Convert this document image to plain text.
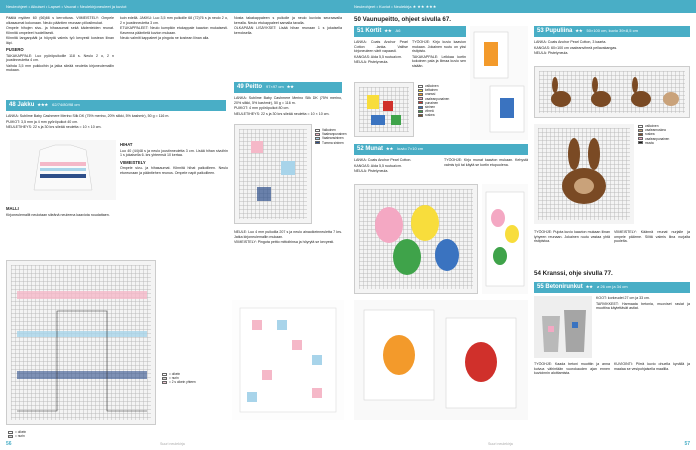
Neuleohjeet • Aikuiset • Lapset • Vauvat • Neulekirjoneuleet ja kuviot

Pääliä myöten 60 (66)66 s kerrottuna. VIIMEISTELY: Ompele olkasaumat kokonaan. Neulo pääntien reunaan piilosilmukat.

Ompele hihojen sivu- ja hihasaumat sekä kädenteiden reunat. Kiinnitä ompeleet huolellisesti.

Kiinnitä langanpäät ja höyrytä valmis työ kevyesti kostean liinan läpi.

PUSERO

TAKAKAPPALE: Luo pyöröpuikoille 118 s. Neulo 2 o, 2 n joustinneuletta 4 cm.

Vaihda 3,5 mm puikkoihin ja jatka sileää neuletta kirjoneulemallin mukaan.

48
Jakku ★★★ 62/74/80/98 cm

LANKA: Sublime Baby Cashmere Merino Silk DK (75% merino, 20% silkki, 5% kashmir), 50 g = 116 m.

PUIKOT: 3,5 mm ja 4 mm pyöröpuikot 40 cm.

NEULETIHEYS: 22 s ja 30 krs sileää neuletta = 10 × 10 cm.

MALLI

Kirjoneulemallit neulotaan sileänä neuleena kaaviota noudattaen.

= oikein
= nurin

kuin edellä. JAKKU: Luo 3,5 mm puikoille 68 (72)76 s ja neulo 2 o, 2 n joustinneuletta 3 cm.

ETUKAPPALEET: Neulo kumpikin etukappale kaavion mukaisesti. Kavenna pääntietä kuvion mukaan.

Neulo valmiit kappaleet ja pingota ne kostean liinan alla.

HIHAT

Luo 40 (44)48 s ja neulo joustinneuletta 3 cm. Lisää hihan sivuihin 1 s jokaisella 6. krs yhteensä 10 kertaa.

VIIMEISTELY

Ompele sivu- ja hihasaumat. Kiinnitä hihat paikoilleen. Neulo etureunaan ja pääntiehen reunus. Ompele napit paikoilleen.

= oikein
= nurin
= 2 s oikein yhteen

Nosta takakappaleen s puikolle ja neulo kuviota seuraavalla kerralla. Neulo etukappaleet samalla tavalla.

OLKAPÄÄN LISÄYKSET: Lisää hihan reunaan 1 s jokaisella kerroksella.

49
Peitto 97×97 cm ★★

LANKA: Sublime Baby Cashmere Merino Silk DK (75% merino, 20% silkki, 5% kashmir), 50 g = 116 m.

PUIKOT: 4 mm pyöröpuikot 80 cm.

NEULETIHEYS: 22 s ja 30 krs sileää neuletta = 10 × 10 cm.

Valkoinen
Vaaleanpunainen
Vaaleansininen
Tumma sininen

NEULE: Luo 4 mm puikoilla 207 s ja neulo ainaoikeinneuletta 7 krs. Jatka kirjoneulemallin mukaan.

VIIMEISTELY: Pingota peitto mittoihinsa ja höyrytä se kevyesti.

56	Suuri neulekirja
Neuleohjeet • Kuviot • Neulekirja ★ ★★ ★★★
50 Vaunupeitto, ohjeet sivulla 67.
51
Kortit ★★ A6

LANKA: Coats Anchor Pearl Cotton -lanka. Valitse kirjoneuleen värit vapaasti.

KANGAS: Aida 5,5 ruutua/cm.

NEULA: Pistelyneula.

TYÖOHJE: Kirjo kuvio kaavion mukaan. Jokainen ruutu on yksi ristipisto.

TAKAKAPPALE: Leikkaa kortin kokoinen pala ja liimaa kuvio sen sisään.

valkoinen
keltainen
oranssi
vaaleanpunainen
punainen
sininen
vihreä
ruskea
52
Munat ★★ kuvio 7×10 cm

LANKA: Coats Anchor Pearl Cotton.

KANGAS: Aida 5,5 ruutua/cm.

NEULA: Pistelyneula.

TYÖOHJE: Kirjo munat kaavion mukaan. Kehystä valmis työ tai käytä se kortin etupuolena.

53
Pupuliina ★★ 50×100 cm, kuvio 39×8,5 cm

LANKA: Coats Anchor Pearl Cotton, 3 kaarta.

KANGAS: 60×100 cm vaaleanvihreä pellavakangas.

NEULA: Pistelyneula.

valkoinen
vaaleanruskea
ruskea
vaaleanpunainen
musta

TYÖOHJE: Pujota kuvio kaavion mukaan liinan lyhyeen reunaan. Jokainen ruutu vastaa yhtä ristipistoa.

VIIMEISTELY: Käännä reunat nurjalle ja ompele päärme. Silitä valmis liina nurjalta puolelta.

54 Kranssi, ohje sivulla 77.
55
Betonirunkut ★★ ø 26 cm ja 34 cm

KOOT: korkeudet 27 cm ja 33 cm.

TARVIKKEET: Harmaata betonia, muoviset rasiat ja muottina käytettävät astiat.

TYÖOHJE: Kaada betoni muottiin ja anna kuivua vähintään vuorokauden ajan ennen kuvioinnin aloittamista.

KUVIOINTI: Piirrä kuvio ohuella kynällä ja maalaa se vesipohjaisella maalilla.

57
Suuri neulekirja
